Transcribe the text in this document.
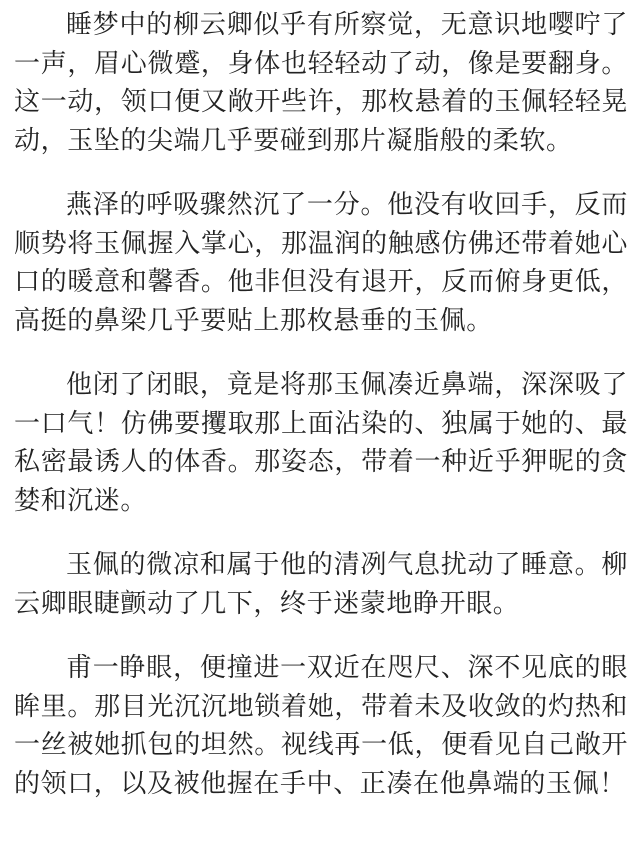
睡梦中的柳云卿似乎有所察觉，无意识地嘤咛了一声，眉心微蹙，身体也轻轻动了动，像是要翻身。这一动，领口便又敞开些许，那枚悬着的玉佩轻轻晃动，玉坠的尖端几乎要碰到那片凝脂般的柔软。

燕泽的呼吸骤然沉了一分。他没有收回手，反而顺势将玉佩握入掌心，那温润的触感仿佛还带着她心口的暖意和馨香。他非但没有退开，反而俯身更低，高挺的鼻梁几乎要贴上那枚悬垂的玉佩。

他闭了闭眼，竟是将那玉佩凑近鼻端，深深吸了一口气！仿佛要攫取那上面沾染的、独属于她的、最私密最诱人的体香。那姿态，带着一种近乎狎昵的贪婪和沉迷。

玉佩的微凉和属于他的清冽气息扰动了睡意。柳云卿眼睫颤动了几下，终于迷蒙地睁开眼。

甫一睁眼，便撞进一双近在咫尺、深不见底的眼眸里。那目光沉沉地锁着她，带着未及收敛的灼热和一丝被她抓包的坦然。视线再一低，便看见自己敞开的领口，以及被他握在手中、正凑在他鼻端的玉佩！
